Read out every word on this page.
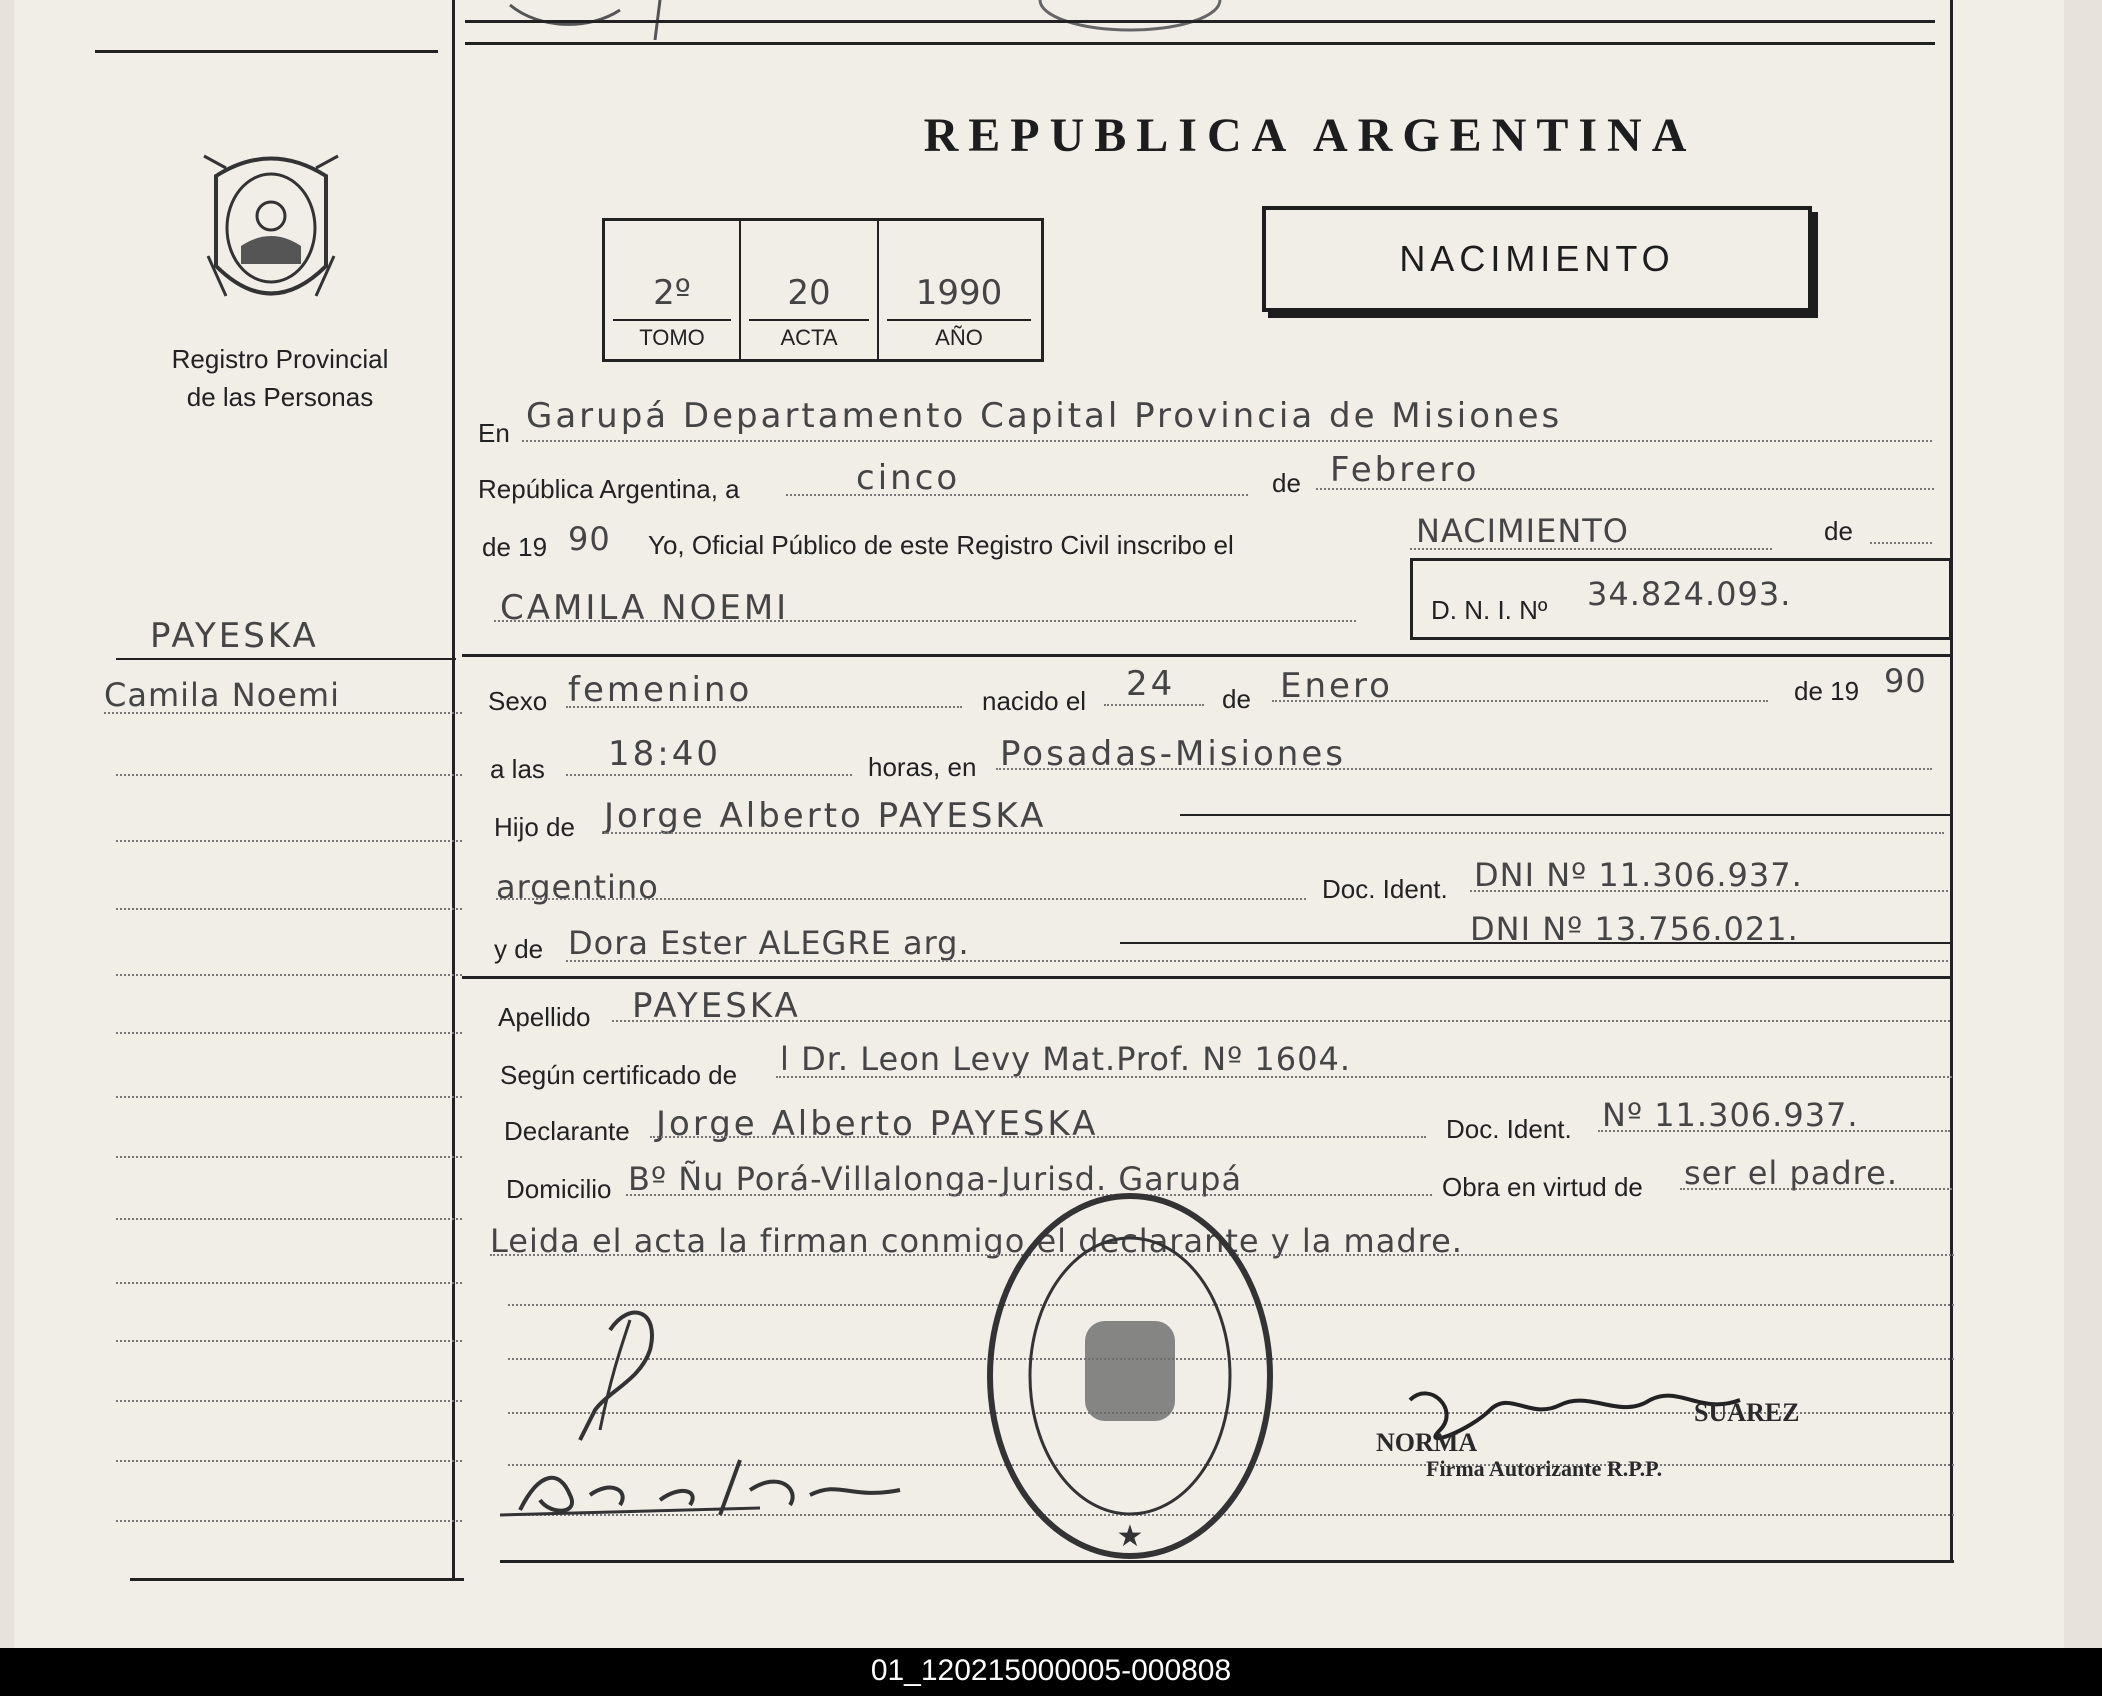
Registro Provincial
de las Personas
REPUBLICA ARGENTINA
2º
TOMO
20
ACTA
1990
AÑO
NACIMIENTO
En Garupá Departamento Capital Provincia de Misiones
República Argentina, a	cinco	de Febrero
de 19 90 Yo, Oficial Público de este Registro Civil inscribo el	NACIMIENTO	de
CAMILA NOEMI	D. N. I. Nº 34.824.093.
PAYESKA
Camila Noemi	Sexo femenino	nacido el 24 de Enero	de 19 90
a las 18:40	horas, en Posadas-Misiones
Hijo de Jorge Alberto PAYESKA
argentino	Doc. Ident. DNI Nº 11.306.937.
y de Dora Ester ALEGRE arg.	DNI Nº 13.756.021.
Apellido PAYESKA
Según certificado de l Dr. Leon Levy Mat.Prof. Nº 1604.
Declarante Jorge Alberto PAYESKA	Doc. Ident. Nº 11.306.937.
Domicilio Bº Ñu Porá-Villalonga-Jurisd. Garupá	Obra en virtud de ser el padre.
Leida el acta la firman conmigo el declarante y la madre.
★
NORMA
SUAREZ
Firma Autorizante R.P.P.
01_120215000005-000808
